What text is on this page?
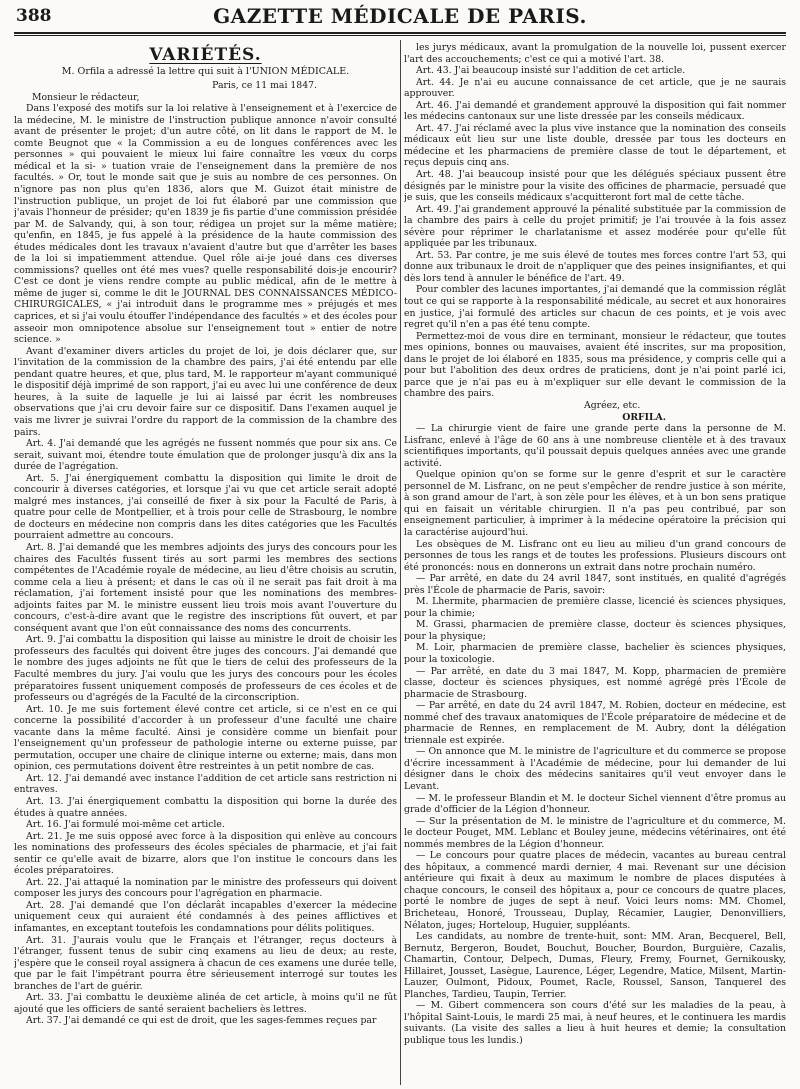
388	GAZETTE MÉDICALE DE PARIS.
VARIÉTÉS.
M. Orfila a adressé la lettre qui suit à l'UNION MÉDICALE.
Paris, ce 11 mai 1847.
Monsieur le rédacteur,

Dans l'exposé des motifs sur la loi relative à l'enseignement et à l'exercice de la médecine, M. le ministre de l'instruction publique annonce n'avoir consulté avant de présenter le projet; d'un autre côté, on lit dans le rapport de M. le comte Beugnot que « la Commission a eu de longues conférences avec les personnes » qui pouvaient le mieux lui faire connaître les vœux du corps médical et la si- » tuation vraie de l'enseignement dans la première de nos facultés. » Or, tout le monde sait que je suis au nombre de ces personnes. On n'ignore pas non plus qu'en 1836, alors que M. Guizot était ministre de l'instruction publique, un projet de loi fut élaboré par une commission que j'avais l'honneur de présider; qu'en 1839 je fis partie d'une commission présidée par M. de Salvandy, qui, à son tour, rédigea un projet sur la même matière; qu'enfin, en 1845, je fus appelé à la présidence de la haute commission des études médicales dont les travaux n'avaient d'autre but que d'arrêter les bases de la loi si impatiemment attendue. Quel rôle ai-je joué dans ces diverses commissions? quelles ont été mes vues? quelle responsabilité dois-je encourir? C'est ce dont je viens rendre compte au public médical, afin de le mettre à même de juger si, comme le dit le JOURNAL DES CONNAISSANCES MÉDICO-CHIRURGICALES, « j'ai introduit dans le programme mes » préjugés et mes caprices, et si j'ai voulu étouffer l'indépendance des facultés » et des écoles pour asseoir mon omnipotence absolue sur l'enseignement tout » entier de notre science. »

Avant d'examiner divers articles du projet de loi, je dois déclarer que, sur l'invitation de la commission de la chambre des pairs, j'ai été entendu par elle pendant quatre heures, et que, plus tard, M. le rapporteur m'ayant communiqué le dispositif déjà imprimé de son rapport, j'ai eu avec lui une conférence de deux heures, à la suite de laquelle je lui ai laissé par écrit les nombreuses observations que j'ai cru devoir faire sur ce dispositif. Dans l'examen auquel je vais me livrer je suivrai l'ordre du rapport de la commission de la chambre des pairs.

Art. 4. J'ai demandé que les agrégés ne fussent nommés que pour six ans. Ce serait, suivant moi, étendre toute émulation que de prolonger jusqu'à dix ans la durée de l'agrégation.

Art. 5. J'ai énergiquement combattu la disposition qui limite le droit de concourir à diverses catégories, et lorsque j'ai vu que cet article serait adopté malgré mes instances, j'ai conseillé de fixer à six pour la Faculté de Paris, à quatre pour celle de Montpellier, et à trois pour celle de Strasbourg, le nombre de docteurs en médecine non compris dans les dites catégories que les Facultés pourraient admettre au concours.

Art. 8. J'ai demandé que les membres adjoints des jurys des concours pour les chaires des Facultés fussent tirés au sort parmi les membres des sections compétentes de l'Académie royale de médecine, au lieu d'être choisis au scrutin, comme cela a lieu à présent; et dans le cas où il ne serait pas fait droit à ma réclamation, j'ai fortement insisté pour que les nominations des membres-adjoints faites par M. le ministre eussent lieu trois mois avant l'ouverture du concours, c'est-à-dire avant que le registre des inscriptions fût ouvert, et par conséquent avant que l'on eût connaissance des noms des concurrents.

Art. 9. J'ai combattu la disposition qui laisse au ministre le droit de choisir les professeurs des facultés qui doivent être juges des concours. J'ai demandé que le nombre des juges adjoints ne fût que le tiers de celui des professeurs de la Faculté membres du jury. J'ai voulu que les jurys des concours pour les écoles préparatoires fussent uniquement composés de professeurs de ces écoles et de professeurs ou d'agrégés de la Faculté de la circonscription.

Art. 10. Je me suis fortement élevé contre cet article, si ce n'est en ce qui concerne la possibilité d'accorder à un professeur d'une faculté une chaire vacante dans la même faculté. Ainsi je considère comme un bienfait pour l'enseignement qu'un professeur de pathologie interne ou externe puisse, par permutation, occuper une chaire de clinique interne ou externe; mais, dans mon opinion, ces permutations doivent être restreintes à un petit nombre de cas.

Art. 12. J'ai demandé avec instance l'addition de cet article sans restriction ni entraves.

Art. 13. J'ai énergiquement combattu la disposition qui borne la durée des études à quatre années.

Art. 16. J'ai formulé moi-même cet article.

Art. 21. Je me suis opposé avec force à la disposition qui enlève au concours les nominations des professeurs des écoles spéciales de pharmacie, et j'ai fait sentir ce qu'elle avait de bizarre, alors que l'on institue le concours dans les écoles préparatoires.

Art. 22. J'ai attaqué la nomination par le ministre des professeurs qui doivent composer les jurys des concours pour l'agrégation en pharmacie.

Art. 28. J'ai demandé que l'on déclarât incapables d'exercer la médecine uniquement ceux qui auraient été condamnés à des peines afflictives et infamantes, en exceptant toutefois les condamnations pour délits politiques.

Art. 31. J'aurais voulu que le Français et l'étranger, reçus docteurs à l'étranger, fussent tenus de subir cinq examens au lieu de deux; au reste, j'espère que le conseil royal assignera à chacun de ces examens une durée telle, que par le fait l'impétrant pourra être sérieusement interrogé sur toutes les branches de l'art de guérir.

Art. 33. J'ai combattu le deuxième alinéa de cet article, à moins qu'il ne fût ajouté que les officiers de santé seraient bacheliers ès lettres.

Art. 37. J'ai demandé ce qui est de droit, que les sages-femmes reçues par

les jurys médicaux, avant la promulgation de la nouvelle loi, pussent exercer l'art des accouchements; c'est ce qui a motivé l'art. 38.

Art. 43. J'ai beaucoup insisté sur l'addition de cet article.

Art. 44. Je n'ai eu aucune connaissance de cet article, que je ne saurais approuver.

Art. 46. J'ai demandé et grandement approuvé la disposition qui fait nommer les médecins cantonaux sur une liste dressée par les conseils médicaux.

Art. 47. J'ai réclamé avec la plus vive instance que la nomination des conseils médicaux eût lieu sur une liste double, dressée par tous les docteurs en médecine et les pharmaciens de première classe de tout le département, et reçus depuis cinq ans.

Art. 48. J'ai beaucoup insisté pour que les délégués spéciaux pussent être désignés par le ministre pour la visite des officines de pharmacie, persuadé que je suis, que les conseils médicaux s'acquitteront fort mal de cette tâche.

Art. 49. J'ai grandement approuvé la pénalité substituée par la commission de la chambre des pairs à celle du projet primitif; je l'ai trouvée à la fois assez sévère pour réprimer le charlatanisme et assez modérée pour qu'elle fût appliquée par les tribunaux.

Art. 53. Par contre, je me suis élevé de toutes mes forces contre l'art 53, qui donne aux tribunaux le droit de n'appliquer que des peines insignifiantes, et qui dès lors tend à annuler le bénéfice de l'art. 49.

Pour combler des lacunes importantes, j'ai demandé que la commission réglât tout ce qui se rapporte à la responsabilité médicale, au secret et aux honoraires en justice, j'ai formulé des articles sur chacun de ces points, et je vois avec regret qu'il n'en a pas été tenu compte.

Permettez-moi de vous dire en terminant, monsieur le rédacteur, que toutes mes opinions, bonnes ou mauvaises, avaient été inscrites, sur ma proposition, dans le projet de loi élaboré en 1835, sous ma présidence, y compris celle qui a pour but l'abolition des deux ordres de praticiens, dont je n'ai point parlé ici, parce que je n'ai pas eu à m'expliquer sur elle devant le commission de la chambre des pairs.

Agréez, etc.

ORFILA.

— La chirurgie vient de faire une grande perte dans la personne de M. Lisfranc, enlevé à l'âge de 60 ans à une nombreuse clientèle et à des travaux scientifiques importants, qu'il poussait depuis quelques années avec une grande activité.

Quelque opinion qu'on se forme sur le genre d'esprit et sur le caractère personnel de M. Lisfranc, on ne peut s'empêcher de rendre justice à son mérite, à son grand amour de l'art, à son zèle pour les élèves, et à un bon sens pratique qui en faisait un véritable chirurgien. Il n'a pas peu contribué, par son enseignement particulier, à imprimer à la médecine opératoire la précision qui la caractérise aujourd'hui.

Les obsèques de M. Lisfranc ont eu lieu au milieu d'un grand concours de personnes de tous les rangs et de toutes les professions. Plusieurs discours ont été prononcés: nous en donnerons un extrait dans notre prochain numéro.

— Par arrêté, en date du 24 avril 1847, sont institués, en qualité d'agrégés près l'École de pharmacie de Paris, savoir:

M. Lhermite, pharmacien de première classe, licencié ès sciences physiques, pour la chimie;

M. Grassi, pharmacien de première classe, docteur ès sciences physiques, pour la physique;

M. Loir, pharmacien de première classe, bachelier ès sciences physiques, pour la toxicologie.

— Par arrêté, en date du 3 mai 1847, M. Kopp, pharmacien de première classe, docteur ès sciences physiques, est nommé agrégé près l'École de pharmacie de Strasbourg.

— Par arrêté, en date du 24 avril 1847, M. Robien, docteur en médecine, est nommé chef des travaux anatomiques de l'École préparatoire de médecine et de pharmacie de Rennes, en remplacement de M. Aubry, dont la délégation triennale est expirée.

— On annonce que M. le ministre de l'agriculture et du commerce se propose d'écrire incessamment à l'Académie de médecine, pour lui demander de lui désigner dans le choix des médecins sanitaires qu'il veut envoyer dans le Levant.

— M. le professeur Blandin et M. le docteur Sichel viennent d'être promus au grade d'officier de la Légion d'honneur.

— Sur la présentation de M. le ministre de l'agriculture et du commerce, M. le docteur Pouget, MM. Leblanc et Bouley jeune, médecins vétérinaires, ont été nommés membres de la Légion d'honneur.

— Le concours pour quatre places de médecin, vacantes au bureau central des hôpitaux, a commencé mardi dernier, 4 mai. Revenant sur une décision antérieure qui fixait à deux au maximum le nombre de places disputées à chaque concours, le conseil des hôpitaux a, pour ce concours de quatre places, porté le nombre de juges de sept à neuf. Voici leurs noms: MM. Chomel, Bricheteau, Honoré, Trousseau, Duplay, Récamier, Laugier, Denonvilliers, Nélaton, juges; Horteloup, Huguier, suppléants.

Les candidats, au nombre de trente-huit, sont: MM. Aran, Becquerel, Bell, Bernutz, Bergeron, Boudet, Bouchut, Boucher, Bourdon, Burguière, Cazalis, Chamartin, Contour, Delpech, Dumas, Fleury, Fremy, Fournet, Gernikousky, Hillairet, Jousset, Lasègue, Laurence, Léger, Legendre, Matice, Milsent, Martin-Lauzer, Oulmont, Pidoux, Poumet, Racle, Roussel, Sanson, Tanquerel des Planches, Tardieu, Taupin, Terrier.

— M. Gibert commencera son cours d'été sur les maladies de la peau, à l'hôpital Saint-Louis, le mardi 25 mai, à neuf heures, et le continuera les mardis suivants. (La visite des salles a lieu à huit heures et demie; la consultation publique tous les lundis.)
